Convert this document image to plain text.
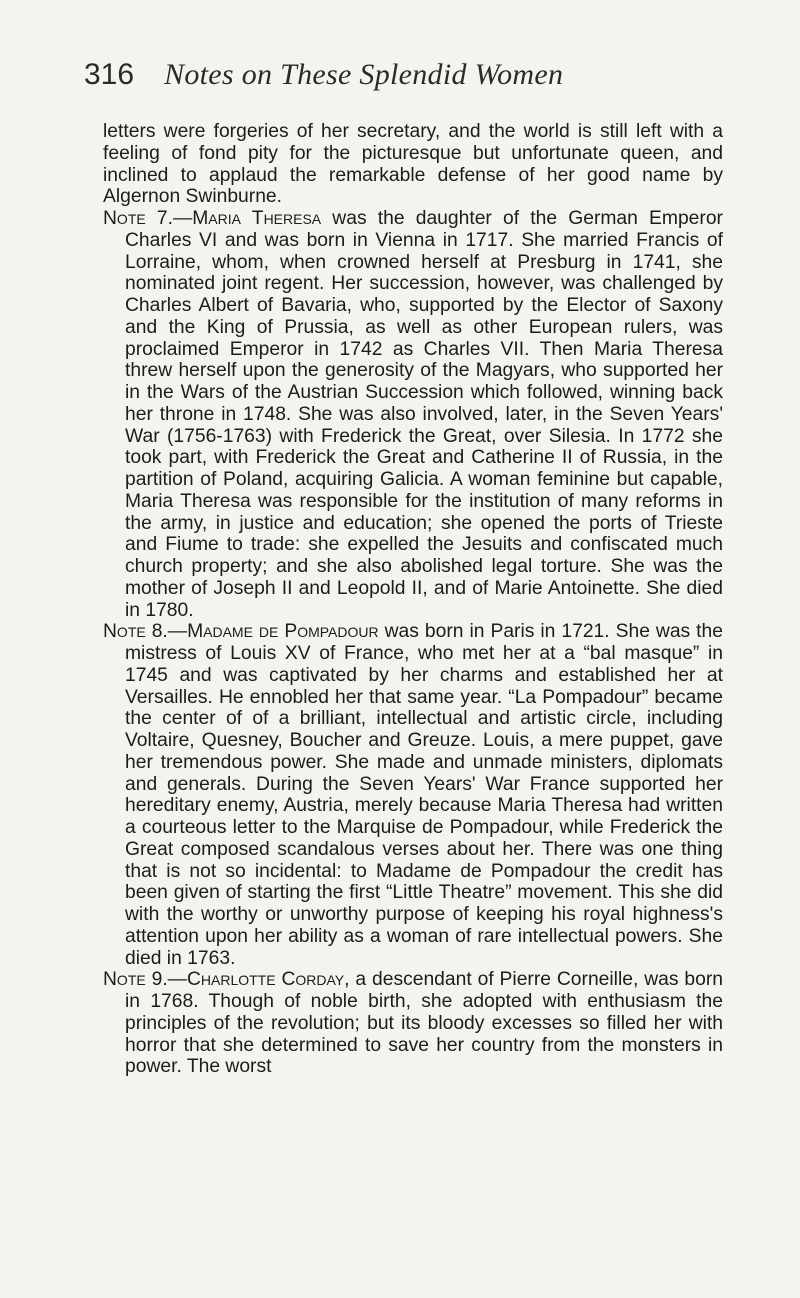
316 Notes on These Splendid Women

letters were forgeries of her secretary, and the world is still left with a feeling of fond pity for the picturesque but unfortunate queen, and inclined to applaud the remarkable defense of her good name by Algernon Swinburne.

Note 7.—Maria Theresa was the daughter of the German Emperor Charles VI and was born in Vienna in 1717. She married Francis of Lorraine, whom, when crowned herself at Presburg in 1741, she nominated joint regent. Her succession, however, was challenged by Charles Albert of Bavaria, who, supported by the Elector of Saxony and the King of Prussia, as well as other European rulers, was proclaimed Emperor in 1742 as Charles VII. Then Maria Theresa threw herself upon the generosity of the Magyars, who supported her in the Wars of the Austrian Succession which followed, winning back her throne in 1748. She was also involved, later, in the Seven Years' War (1756-1763) with Frederick the Great, over Silesia. In 1772 she took part, with Frederick the Great and Catherine II of Russia, in the partition of Poland, acquiring Galicia. A woman feminine but capable, Maria Theresa was responsible for the institution of many reforms in the army, in justice and education; she opened the ports of Trieste and Fiume to trade: she expelled the Jesuits and confiscated much church property; and she also abolished legal torture. She was the mother of Joseph II and Leopold II, and of Marie Antoinette. She died in 1780.

Note 8.—Madame de Pompadour was born in Paris in 1721. She was the mistress of Louis XV of France, who met her at a “bal masque” in 1745 and was captivated by her charms and established her at Versailles. He ennobled her that same year. “La Pompadour” became the center of of a brilliant, intellectual and artistic circle, including Voltaire, Quesney, Boucher and Greuze. Louis, a mere puppet, gave her tremendous power. She made and unmade ministers, diplomats and generals. During the Seven Years' War France supported her hereditary enemy, Austria, merely because Maria Theresa had written a courteous letter to the Marquise de Pompadour, while Frederick the Great composed scandalous verses about her. There was one thing that is not so incidental: to Madame de Pompadour the credit has been given of starting the first “Little Theatre” movement. This she did with the worthy or unworthy purpose of keeping his royal highness's attention upon her ability as a woman of rare intellectual powers. She died in 1763.

Note 9.—Charlotte Corday, a descendant of Pierre Corneille, was born in 1768. Though of noble birth, she adopted with enthusiasm the principles of the revolution; but its bloody excesses so filled her with horror that she determined to save her country from the monsters in power. The worst
